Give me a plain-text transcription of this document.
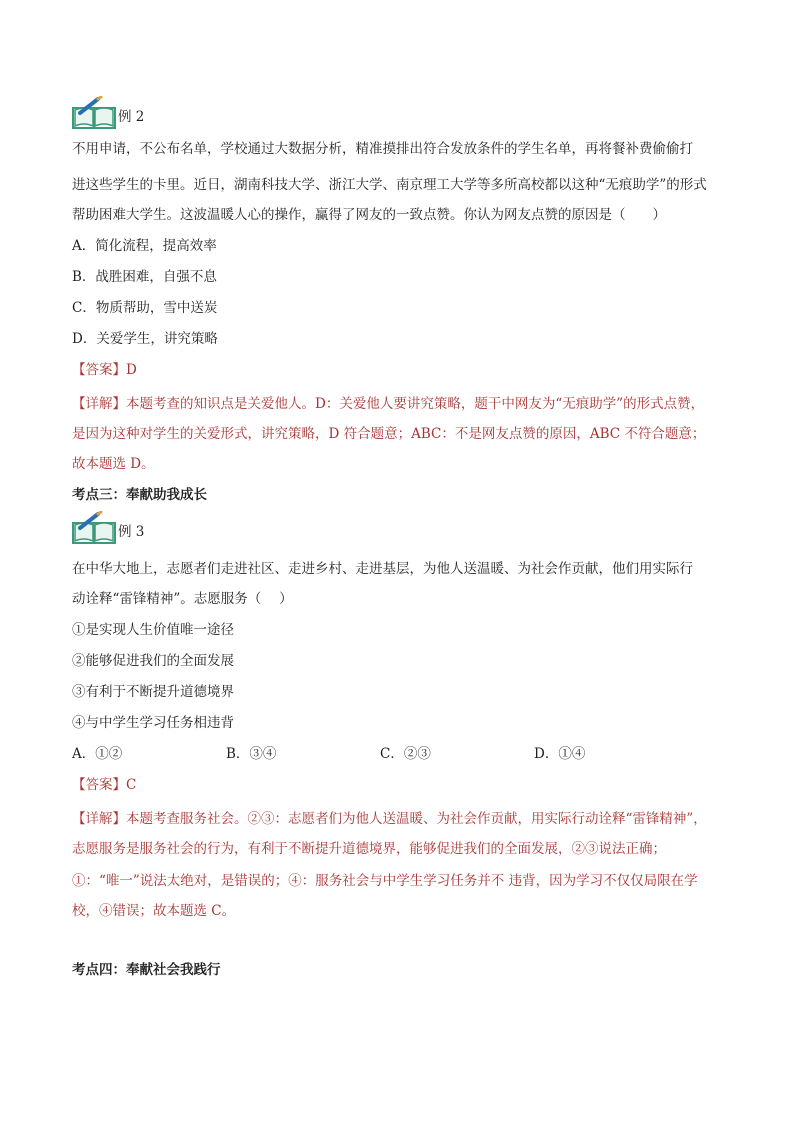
例 2
不用申请，不公布名单，学校通过大数据分析，精准摸排出符合发放条件的学生名单，再将餐补费偷偷打
进这些学生的卡里。近日，湖南科技大学、浙江大学、南京理工大学等多所高校都以这种“无痕助学”的形式
帮助困难大学生。这波温暖人心的操作，赢得了网友的一致点赞。你认为网友点赞的原因是（　　）
A．简化流程，提高效率
B．战胜困难，自强不息
C．物质帮助，雪中送炭
D．关爱学生，讲究策略
【答案】D
【详解】本题考查的知识点是关爱他人。D：关爱他人要讲究策略，题干中网友为“无痕助学”的形式点赞，
是因为这种对学生的关爱形式，讲究策略，D 符合题意；ABC：不是网友点赞的原因，ABC 不符合题意；
故本题选 D。
考点三：奉献助我成长
例 3
在中华大地上，志愿者们走进社区、走进乡村、走进基层，为他人送温暖、为社会作贡献，他们用实际行
动诠释“雷锋精神”。志愿服务（　 ）
①是实现人生价值唯一途径
②能够促进我们的全面发展
③有利于不断提升道德境界
④与中学生学习任务相违背
A．①②	B．③④	C．②③	D．①④
【答案】C
【详解】本题考查服务社会。②③：志愿者们为他人送温暖、为社会作贡献，用实际行动诠释“雷锋精神”，
志愿服务是服务社会的行为，有利于不断提升道德境界，能够促进我们的全面发展，②③说法正确；
①：“唯一”说法太绝对，是错误的；④：服务社会与中学生学习任务并不 违背，因为学习不仅仅局限在学
校，④错误；故本题选 C。
考点四：奉献社会我践行
